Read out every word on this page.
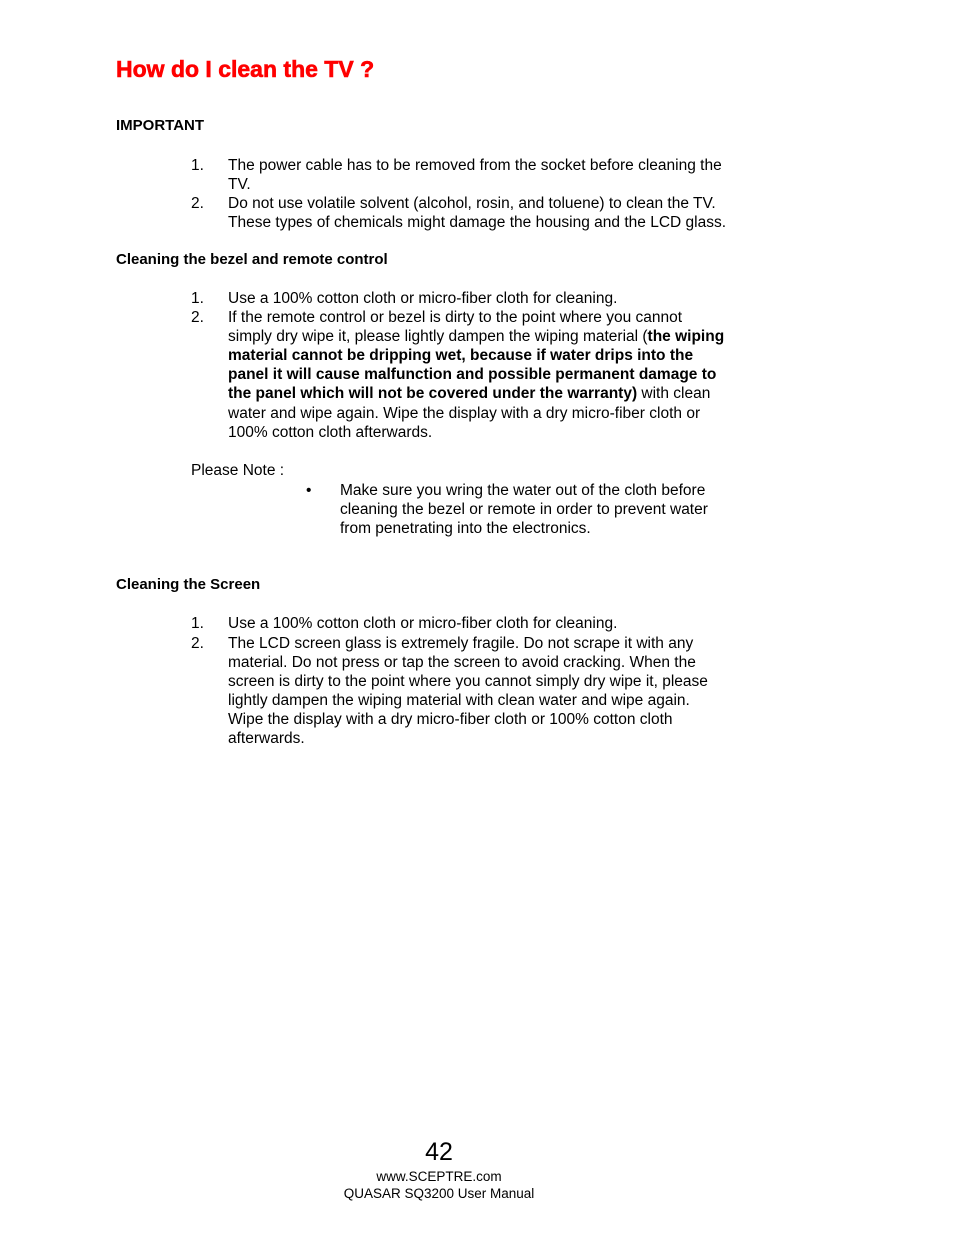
How do I clean the TV ?
IMPORTANT
1. The power cable has to be removed from the socket before cleaning the
TV.
2. Do not use volatile solvent (alcohol, rosin, and toluene) to clean the TV.
These types of chemicals might damage the housing and the LCD glass.
Cleaning the bezel and remote control
1. Use a 100% cotton cloth or micro-fiber cloth for cleaning.
2. If the remote control or bezel is dirty to the point where you cannot
simply dry wipe it, please lightly dampen the wiping material (the wiping
material cannot be dripping wet, because if water drips into the
panel it will cause malfunction and possible permanent damage to
the panel which will not be covered under the warranty) with clean
water and wipe again. Wipe the display with a dry micro-fiber cloth or
100% cotton cloth afterwards.
Please Note :
• Make sure you wring the water out of the cloth before
cleaning the bezel or remote in order to prevent water
from penetrating into the electronics.
Cleaning the Screen
1. Use a 100% cotton cloth or micro-fiber cloth for cleaning.
2. The LCD screen glass is extremely fragile. Do not scrape it with any
material. Do not press or tap the screen to avoid cracking. When the
screen is dirty to the point where you cannot simply dry wipe it, please
lightly dampen the wiping material with clean water and wipe again.
Wipe the display with a dry micro-fiber cloth or 100% cotton cloth
afterwards.
42
www.SCEPTRE.com
QUASAR SQ3200 User Manual
